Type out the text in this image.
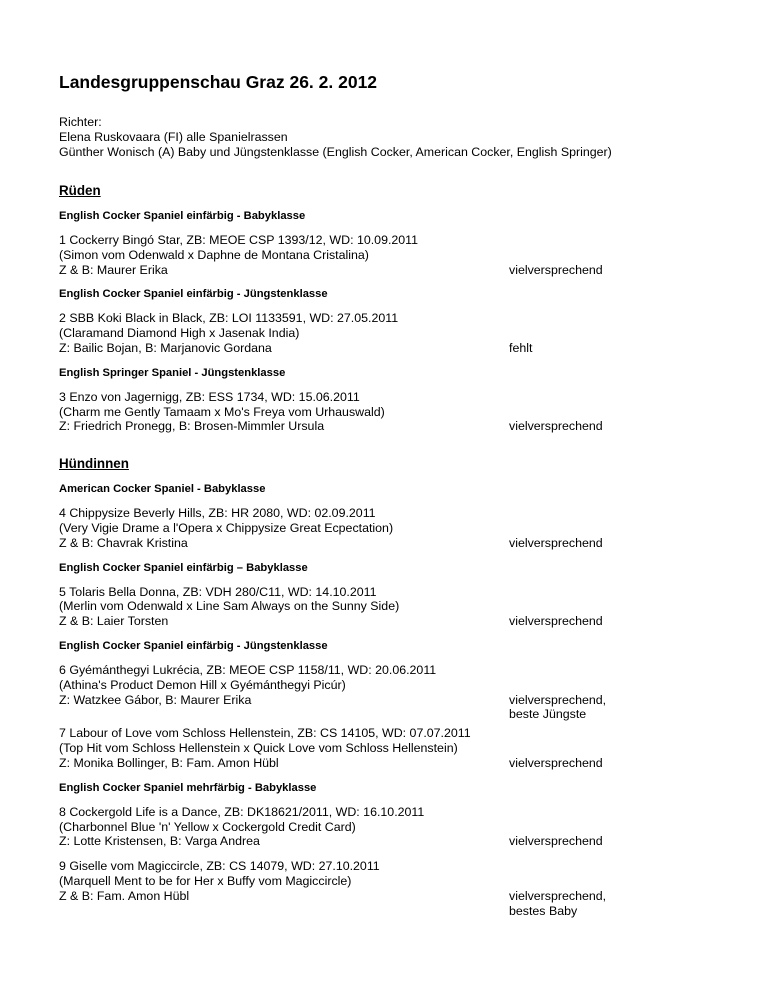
Landesgruppenschau Graz 26. 2. 2012
Richter:
Elena Ruskovaara (FI) alle Spanielrassen
Günther Wonisch (A) Baby und Jüngstenklasse (English Cocker, American Cocker, English Springer)
Rüden
English Cocker Spaniel einfärbig - Babyklasse
1 Cockerry Bingó Star, ZB: MEOE CSP 1393/12, WD: 10.09.2011
(Simon vom Odenwald x Daphne de Montana Cristalina)
Z & B: Maurer Erika	vielversprechend
English Cocker Spaniel einfärbig - Jüngstenklasse
2 SBB Koki Black in Black, ZB: LOI 1133591, WD: 27.05.2011
(Claramand Diamond High x Jasenak India)
Z: Bailic Bojan, B: Marjanovic Gordana	fehlt
English Springer Spaniel - Jüngstenklasse
3 Enzo von Jagernigg, ZB: ESS 1734, WD: 15.06.2011
(Charm me Gently Tamaam x Mo's Freya vom Urhauswald)
Z: Friedrich Pronegg, B: Brosen-Mimmler Ursula	vielversprechend
Hündinnen
American Cocker Spaniel - Babyklasse
4 Chippysize Beverly Hills, ZB: HR 2080, WD: 02.09.2011
(Very Vigie Drame a l'Opera x Chippysize Great Ecpectation)
Z & B: Chavrak Kristina	vielversprechend
English Cocker Spaniel einfärbig – Babyklasse
5 Tolaris Bella Donna, ZB: VDH 280/C11, WD: 14.10.2011
(Merlin vom Odenwald x Line Sam Always on the Sunny Side)
Z & B: Laier Torsten	vielversprechend
English Cocker Spaniel einfärbig - Jüngstenklasse
6 Gyémánthegyi Lukrécia, ZB: MEOE CSP 1158/11, WD: 20.06.2011
(Athina's Product Demon Hill x Gyémánthegyi Picúr)
Z: Watzkee Gábor, B: Maurer Erika	vielversprechend,
beste Jüngste
7 Labour of Love vom Schloss Hellenstein, ZB: CS 14105, WD: 07.07.2011
(Top Hit vom Schloss Hellenstein x Quick Love vom Schloss Hellenstein)
Z: Monika Bollinger, B: Fam. Amon Hübl	vielversprechend
English Cocker Spaniel mehrfärbig - Babyklasse
8 Cockergold Life is a Dance, ZB: DK18621/2011, WD: 16.10.2011
(Charbonnel Blue 'n' Yellow x Cockergold Credit Card)
Z: Lotte Kristensen, B: Varga Andrea	vielversprechend
9 Giselle vom Magiccircle, ZB: CS 14079, WD: 27.10.2011
(Marquell Ment to be for Her x Buffy vom Magiccircle)
Z & B: Fam. Amon Hübl	vielversprechend,
bestes Baby
